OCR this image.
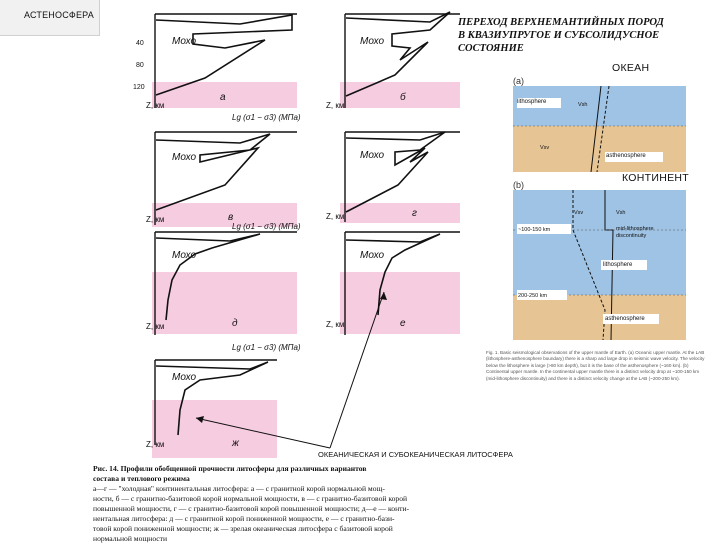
АСТЕНОСФЕРА
ПЕРЕХОД ВЕРХНЕМАНТИЙНЫХ ПОРОД
В КВАЗИУПРУГОЕ И СУБСОЛИДУСНОЕ
СОСТОЯНИЕ
ОКЕАН
КОНТИНЕНТ
ОКЕАНИЧЕСКАЯ И СУБОКЕАНИЧЕСКАЯ ЛИТОСФЕРА
Мохо	Мохо
Мохо	Мохо
Мохо	Мохо
Мохо
Z, км	Z, км
Z, км	Z, км
Z, км	Z, км
Z, км
Lg (σ1 − σ3) (МПа)
Lg (σ1 − σ3) (МПа)
Lg (σ1 − σ3) (МПа)
а	б
в	г
д	е
ж
40
80
120
(a)
lithosphere
asthenosphere
Vsh
Vsv
(b)
~100-150 km
200-250 km
mid-lithosphere discontinuity
lithosphere
asthenosphere
Vsv	Vsh
Fig. 1. Basic seismological observations of the upper mantle of Earth. (a) Oceanic upper mantle. At the LAB (lithosphere-asthenosphere boundary) there is a sharp and large drop in seismic wave velocity. The velocity below the lithosphere is large (>80 km depth), but it is the base of the asthenosphere (~160 km). (b) Continental upper mantle. In the continental upper mantle there is a distinct velocity drop at ~100-150 km (mid-lithosphere discontinuity) and there is a distinct velocity change at the LAB (~200-250 km).
Рис. 14. Профили обобщенной прочности литосферы для различных вариантов
состава и теплового режима
а—г — "холодная" континентальная литосфера: а — с гранитной корой нормальной мощ-
ности, б — с гранитно-базитовой корой нормальной мощности, в — с гранитно-базитовой корой
повышенной мощности, г — с гранитно-базитовой корой повышенной мощности; д—е — конти-
нентальная литосфера: д — с гранитной корой пониженной мощности, е — с гранитно-бази-
товой корой пониженной мощности; ж — зрелая океаническая литосфера с базитовой корой
нормальной мощности
